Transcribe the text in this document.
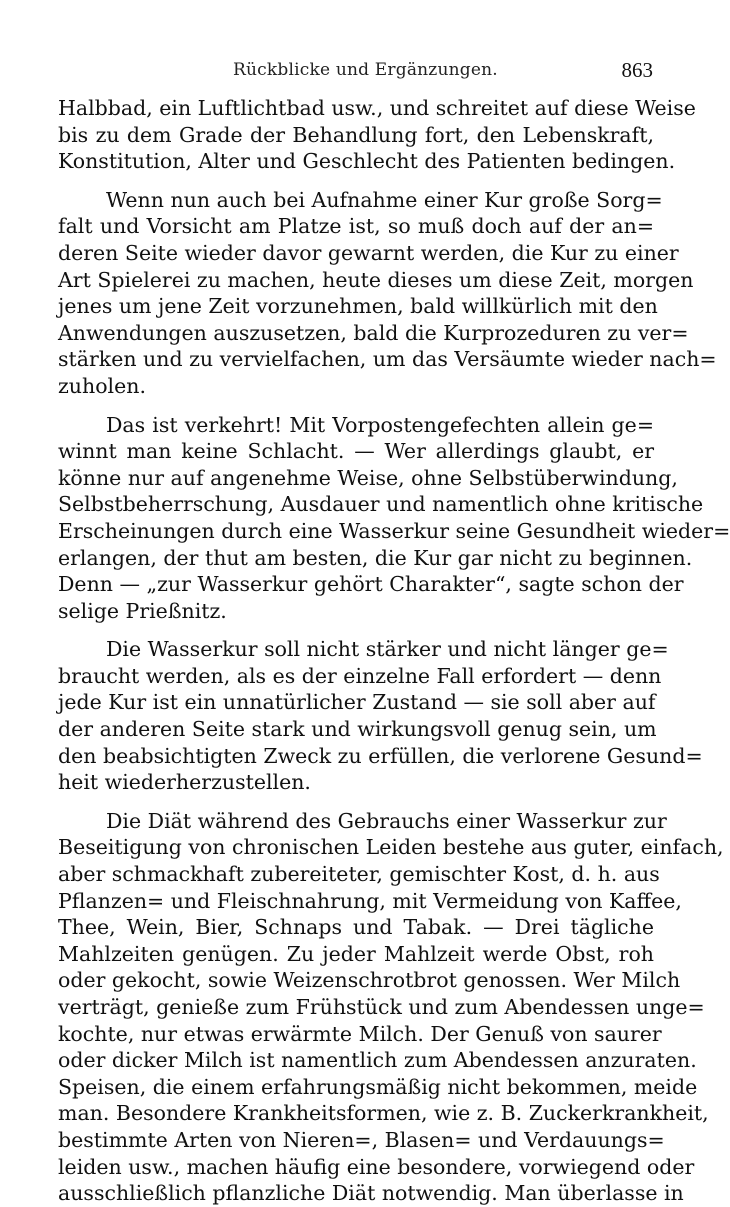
Rückblicke und Ergänzungen.	863
Halbbad, ein Luftlichtbad usw., und schreitet auf diese Weise
bis zu dem Grade der Behandlung fort, den Lebenskraft,
Konstitution, Alter und Geschlecht des Patienten bedingen.
Wenn nun auch bei Aufnahme einer Kur große Sorg=
falt und Vorsicht am Platze ist, so muß doch auf der an=
deren Seite wieder davor gewarnt werden, die Kur zu einer
Art Spielerei zu machen, heute dieses um diese Zeit, morgen
jenes um jene Zeit vorzunehmen, bald willkürlich mit den
Anwendungen auszusetzen, bald die Kurprozeduren zu ver=
stärken und zu vervielfachen, um das Versäumte wieder nach=
zuholen.
Das ist verkehrt! Mit Vorpostengefechten allein ge=
winnt man keine Schlacht. — Wer allerdings glaubt, er
könne nur auf angenehme Weise, ohne Selbstüberwindung,
Selbstbeherrschung, Ausdauer und namentlich ohne kritische
Erscheinungen durch eine Wasserkur seine Gesundheit wieder=
erlangen, der thut am besten, die Kur gar nicht zu beginnen.
Denn — „zur Wasserkur gehört Charakter“, sagte schon der
selige Prießnitz.
Die Wasserkur soll nicht stärker und nicht länger ge=
braucht werden, als es der einzelne Fall erfordert — denn
jede Kur ist ein unnatürlicher Zustand — sie soll aber auf
der anderen Seite stark und wirkungsvoll genug sein, um
den beabsichtigten Zweck zu erfüllen, die verlorene Gesund=
heit wiederherzustellen.
Die Diät während des Gebrauchs einer Wasserkur zur
Beseitigung von chronischen Leiden bestehe aus guter, einfach,
aber schmackhaft zubereiteter, gemischter Kost, d. h. aus
Pflanzen= und Fleischnahrung, mit Vermeidung von Kaffee,
Thee, Wein, Bier, Schnaps und Tabak. — Drei tägliche
Mahlzeiten genügen. Zu jeder Mahlzeit werde Obst, roh
oder gekocht, sowie Weizenschrotbrot genossen. Wer Milch
verträgt, genieße zum Frühstück und zum Abendessen unge=
kochte, nur etwas erwärmte Milch. Der Genuß von saurer
oder dicker Milch ist namentlich zum Abendessen anzuraten.
Speisen, die einem erfahrungsmäßig nicht bekommen, meide
man. Besondere Krankheitsformen, wie z. B. Zuckerkrankheit,
bestimmte Arten von Nieren=, Blasen= und Verdauungs=
leiden usw., machen häufig eine besondere, vorwiegend oder
ausschließlich pflanzliche Diät notwendig. Man überlasse in
